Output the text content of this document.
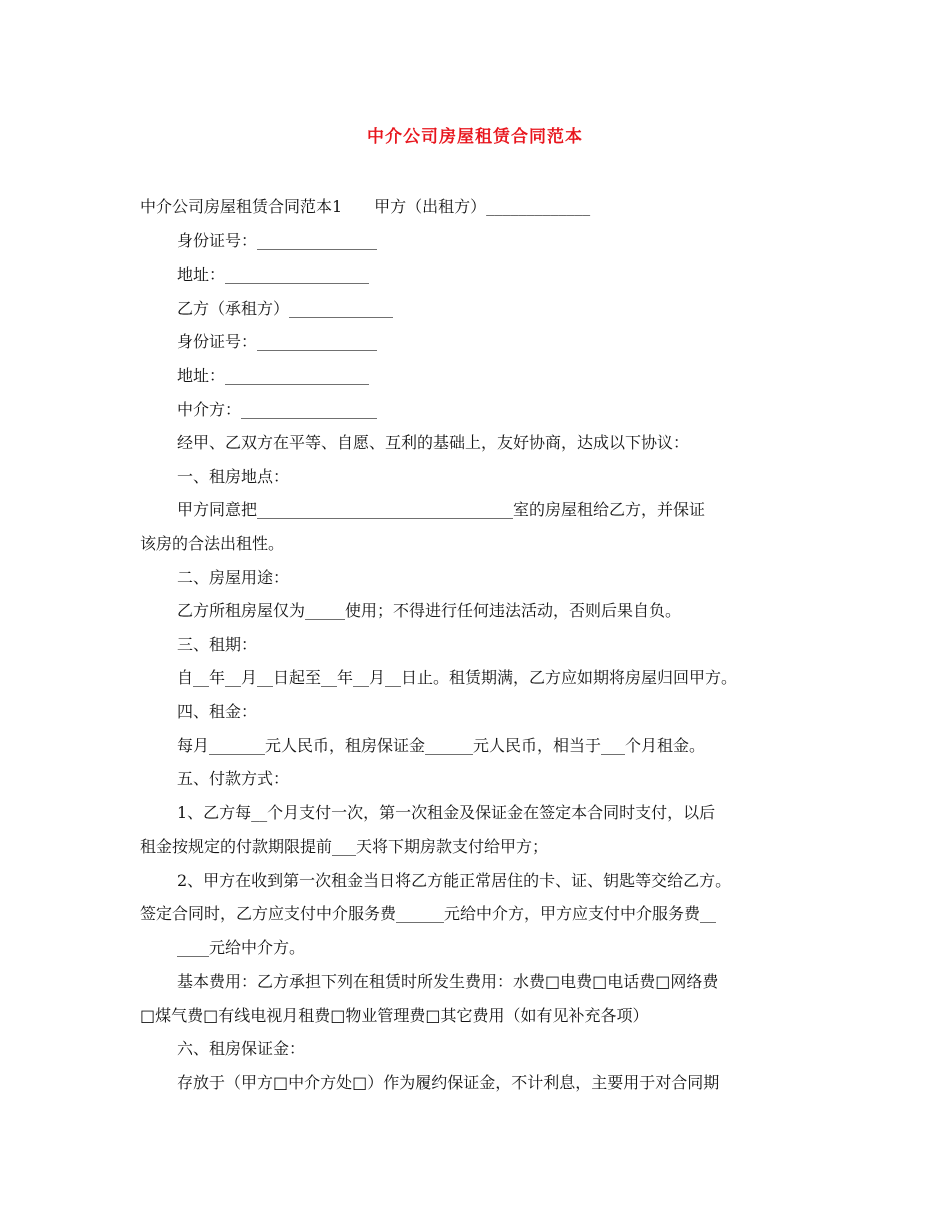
中介公司房屋租赁合同范本
中介公司房屋租赁合同范本1　　甲方（出租方）_____________
身份证号：_______________
地址：__________________
乙方（承租方）_____________
身份证号：_______________
地址：__________________
中介方：_________________
经甲、乙双方在平等、自愿、互利的基础上，友好协商，达成以下协议：
一、租房地点：
甲方同意把________________________________室的房屋租给乙方，并保证
该房的合法出租性。
二、房屋用途：
乙方所租房屋仅为_____使用；不得进行任何违法活动，否则后果自负。
三、租期：
自__年__月__日起至__年__月__日止。租赁期满，乙方应如期将房屋归回甲方。
四、租金：
每月_______元人民币，租房保证金______元人民币，相当于___个月租金。
五、付款方式：
1、乙方每__个月支付一次，第一次租金及保证金在签定本合同时支付，以后
租金按规定的付款期限提前___天将下期房款支付给甲方；
2、甲方在收到第一次租金当日将乙方能正常居住的卡、证、钥匙等交给乙方。
签定合同时，乙方应支付中介服务费______元给中介方，甲方应支付中介服务费__
____元给中介方。
基本费用：乙方承担下列在租赁时所发生费用：水费□电费□电话费□网络费
□煤气费□有线电视月租费□物业管理费□其它费用（如有见补充各项）
六、租房保证金：
存放于（甲方□中介方处□）作为履约保证金，不计利息，主要用于对合同期
